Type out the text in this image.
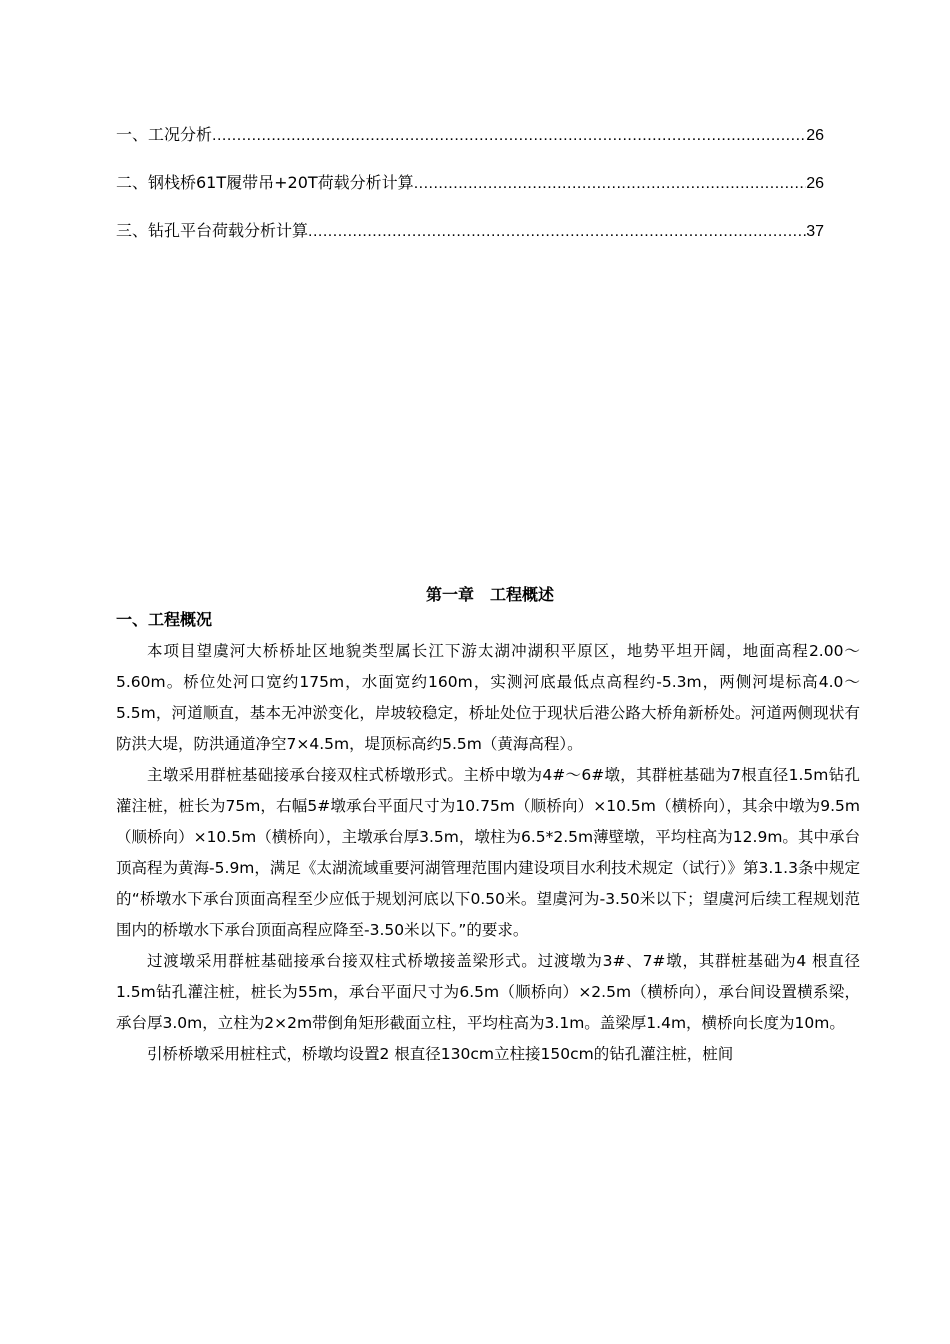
一、工况分析 .....	26
二、钢栈桥61T履带吊+20T荷载分析计算 .....	26
三、钻孔平台荷载分析计算 .....	37
第一章　工程概述
一、工程概况

本项目望虞河大桥桥址区地貌类型属长江下游太湖冲湖积平原区，地势平坦开阔，地面高程2.00～5.60m。桥位处河口宽约175m，水面宽约160m，实测河底最低点高程约-5.3m，两侧河堤标高4.0～5.5m，河道顺直，基本无冲淤变化，岸坡较稳定，桥址处位于现状后港公路大桥角新桥处。河道两侧现状有防洪大堤，防洪通道净空7×4.5m，堤顶标高约5.5m（黄海高程）。

主墩采用群桩基础接承台接双柱式桥墩形式。主桥中墩为4#～6#墩，其群桩基础为7根直径1.5m钻孔灌注桩，桩长为75m，右幅5#墩承台平面尺寸为10.75m（顺桥向）×10.5m（横桥向），其余中墩为9.5m（顺桥向）×10.5m（横桥向），主墩承台厚3.5m，墩柱为6.5*2.5m薄壁墩，平均柱高为12.9m。其中承台顶高程为黄海-5.9m，满足《太湖流域重要河湖管理范围内建设项目水利技术规定（试行）》第3.1.3条中规定的“桥墩水下承台顶面高程至少应低于规划河底以下0.50米。望虞河为-3.50米以下；望虞河后续工程规划范围内的桥墩水下承台顶面高程应降至-3.50米以下。”的要求。

过渡墩采用群桩基础接承台接双柱式桥墩接盖梁形式。过渡墩为3#、7#墩，其群桩基础为4 根直径1.5m钻孔灌注桩，桩长为55m，承台平面尺寸为6.5m（顺桥向）×2.5m（横桥向），承台间设置横系梁，承台厚3.0m，立柱为2×2m带倒角矩形截面立柱，平均柱高为3.1m。盖梁厚1.4m，横桥向长度为10m。

引桥桥墩采用桩柱式，桥墩均设置2 根直径130cm立柱接150cm的钻孔灌注桩，桩间
